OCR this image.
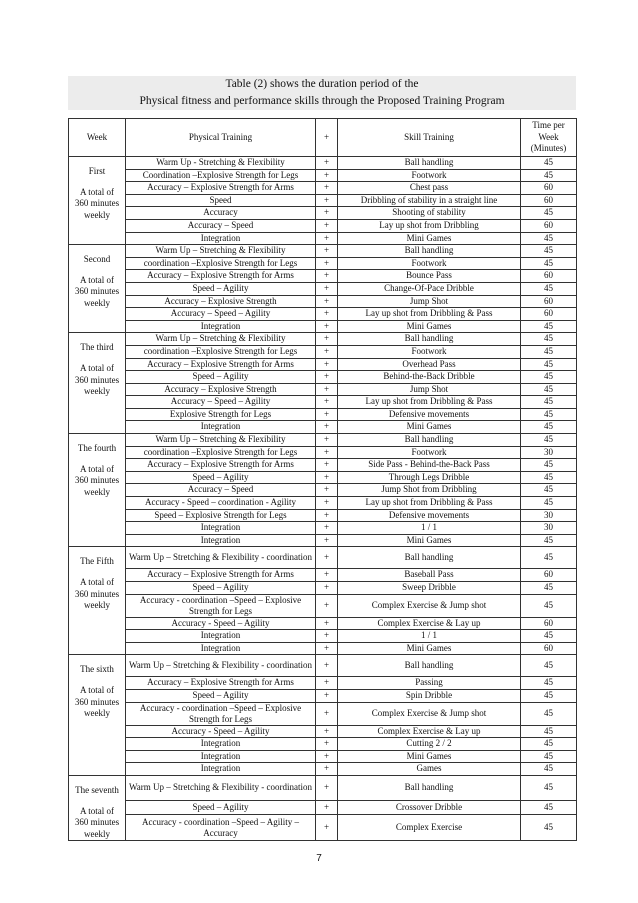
Table (2) shows the duration period of the
Physical fitness and performance skills through the Proposed Training Program
Week	Physical Training	+	Skill Training	Time per
Week
(Minutes)

First
A total of
360 minutes
weekly	Warm Up - Stretching & Flexibility	+	Ball handling	45
	Coordination –Explosive Strength for Legs	+	Footwork	45
	Accuracy – Explosive Strength for Arms	+	Chest pass	60
	Speed	+	Dribbling of stability in a straight line	60
	Accuracy	+	Shooting of stability	45
	Accuracy – Speed	+	Lay up shot from Dribbling	60
	Integration	+	Mini Games	45

Second
A total of
360 minutes
weekly	Warm Up – Stretching & Flexibility	+	Ball handling	45
	coordination –Explosive Strength for Legs	+	Footwork	45
	Accuracy – Explosive Strength for Arms	+	Bounce Pass	60
	Speed – Agility	+	Change-Of-Pace Dribble	45
	Accuracy – Explosive Strength	+	Jump Shot	60
	Accuracy – Speed – Agility	+	Lay up shot from Dribbling & Pass	60
	Integration	+	Mini Games	45

The third
A total of
360 minutes
weekly	Warm Up – Stretching & Flexibility	+	Ball handling	45
	coordination –Explosive Strength for Legs	+	Footwork	45
	Accuracy – Explosive Strength for Arms	+	Overhead Pass	45
	Speed – Agility	+	Behind-the-Back Dribble	45
	Accuracy – Explosive Strength	+	Jump Shot	45
	Accuracy – Speed – Agility	+	Lay up shot from Dribbling & Pass	45
	Explosive Strength for Legs	+	Defensive movements	45
	Integration	+	Mini Games	45

The fourth
A total of
360 minutes
weekly	Warm Up – Stretching & Flexibility	+	Ball handling	45
	coordination –Explosive Strength for Legs	+	Footwork	30
	Accuracy – Explosive Strength for Arms	+	Side Pass - Behind-the-Back Pass	45
	Speed – Agility	+	Through Legs Dribble	45
	Accuracy – Speed	+	Jump Shot from Dribbling	45
	Accuracy - Speed – coordination - Agility	+	Lay up shot from Dribbling & Pass	45
	Speed – Explosive Strength for Legs	+	Defensive movements	30
	Integration	+	1 / 1	30
	Integration	+	Mini Games	45

The Fifth
A total of
360 minutes
weekly	Warm Up – Stretching & Flexibility - coordination	+	Ball handling	45
	Accuracy – Explosive Strength for Arms	+	Baseball Pass	60
	Speed – Agility	+	Sweep Dribble	45
	Accuracy - coordination –Speed – Explosive Strength for Legs	+	Complex Exercise & Jump shot	45
	Accuracy - Speed – Agility	+	Complex Exercise & Lay up	60
	Integration	+	1 / 1	45
	Integration	+	Mini Games	60

The sixth
A total of
360 minutes
weekly	Warm Up – Stretching & Flexibility - coordination	+	Ball handling	45
	Accuracy – Explosive Strength for Arms	+	Passing	45
	Speed – Agility	+	Spin Dribble	45
	Accuracy - coordination –Speed – Explosive Strength for Legs	+	Complex Exercise & Jump shot	45
	Accuracy - Speed – Agility	+	Complex Exercise & Lay up	45
	Integration	+	Cutting 2 / 2	45
	Integration	+	Mini Games	45
	Integration	+	Games	45

The seventh
A total of
360 minutes
weekly	Warm Up – Stretching & Flexibility - coordination	+	Ball handling	45
	Speed – Agility	+	Crossover Dribble	45
	Accuracy - coordination –Speed – Agility – Accuracy	+	Complex Exercise	45
7
